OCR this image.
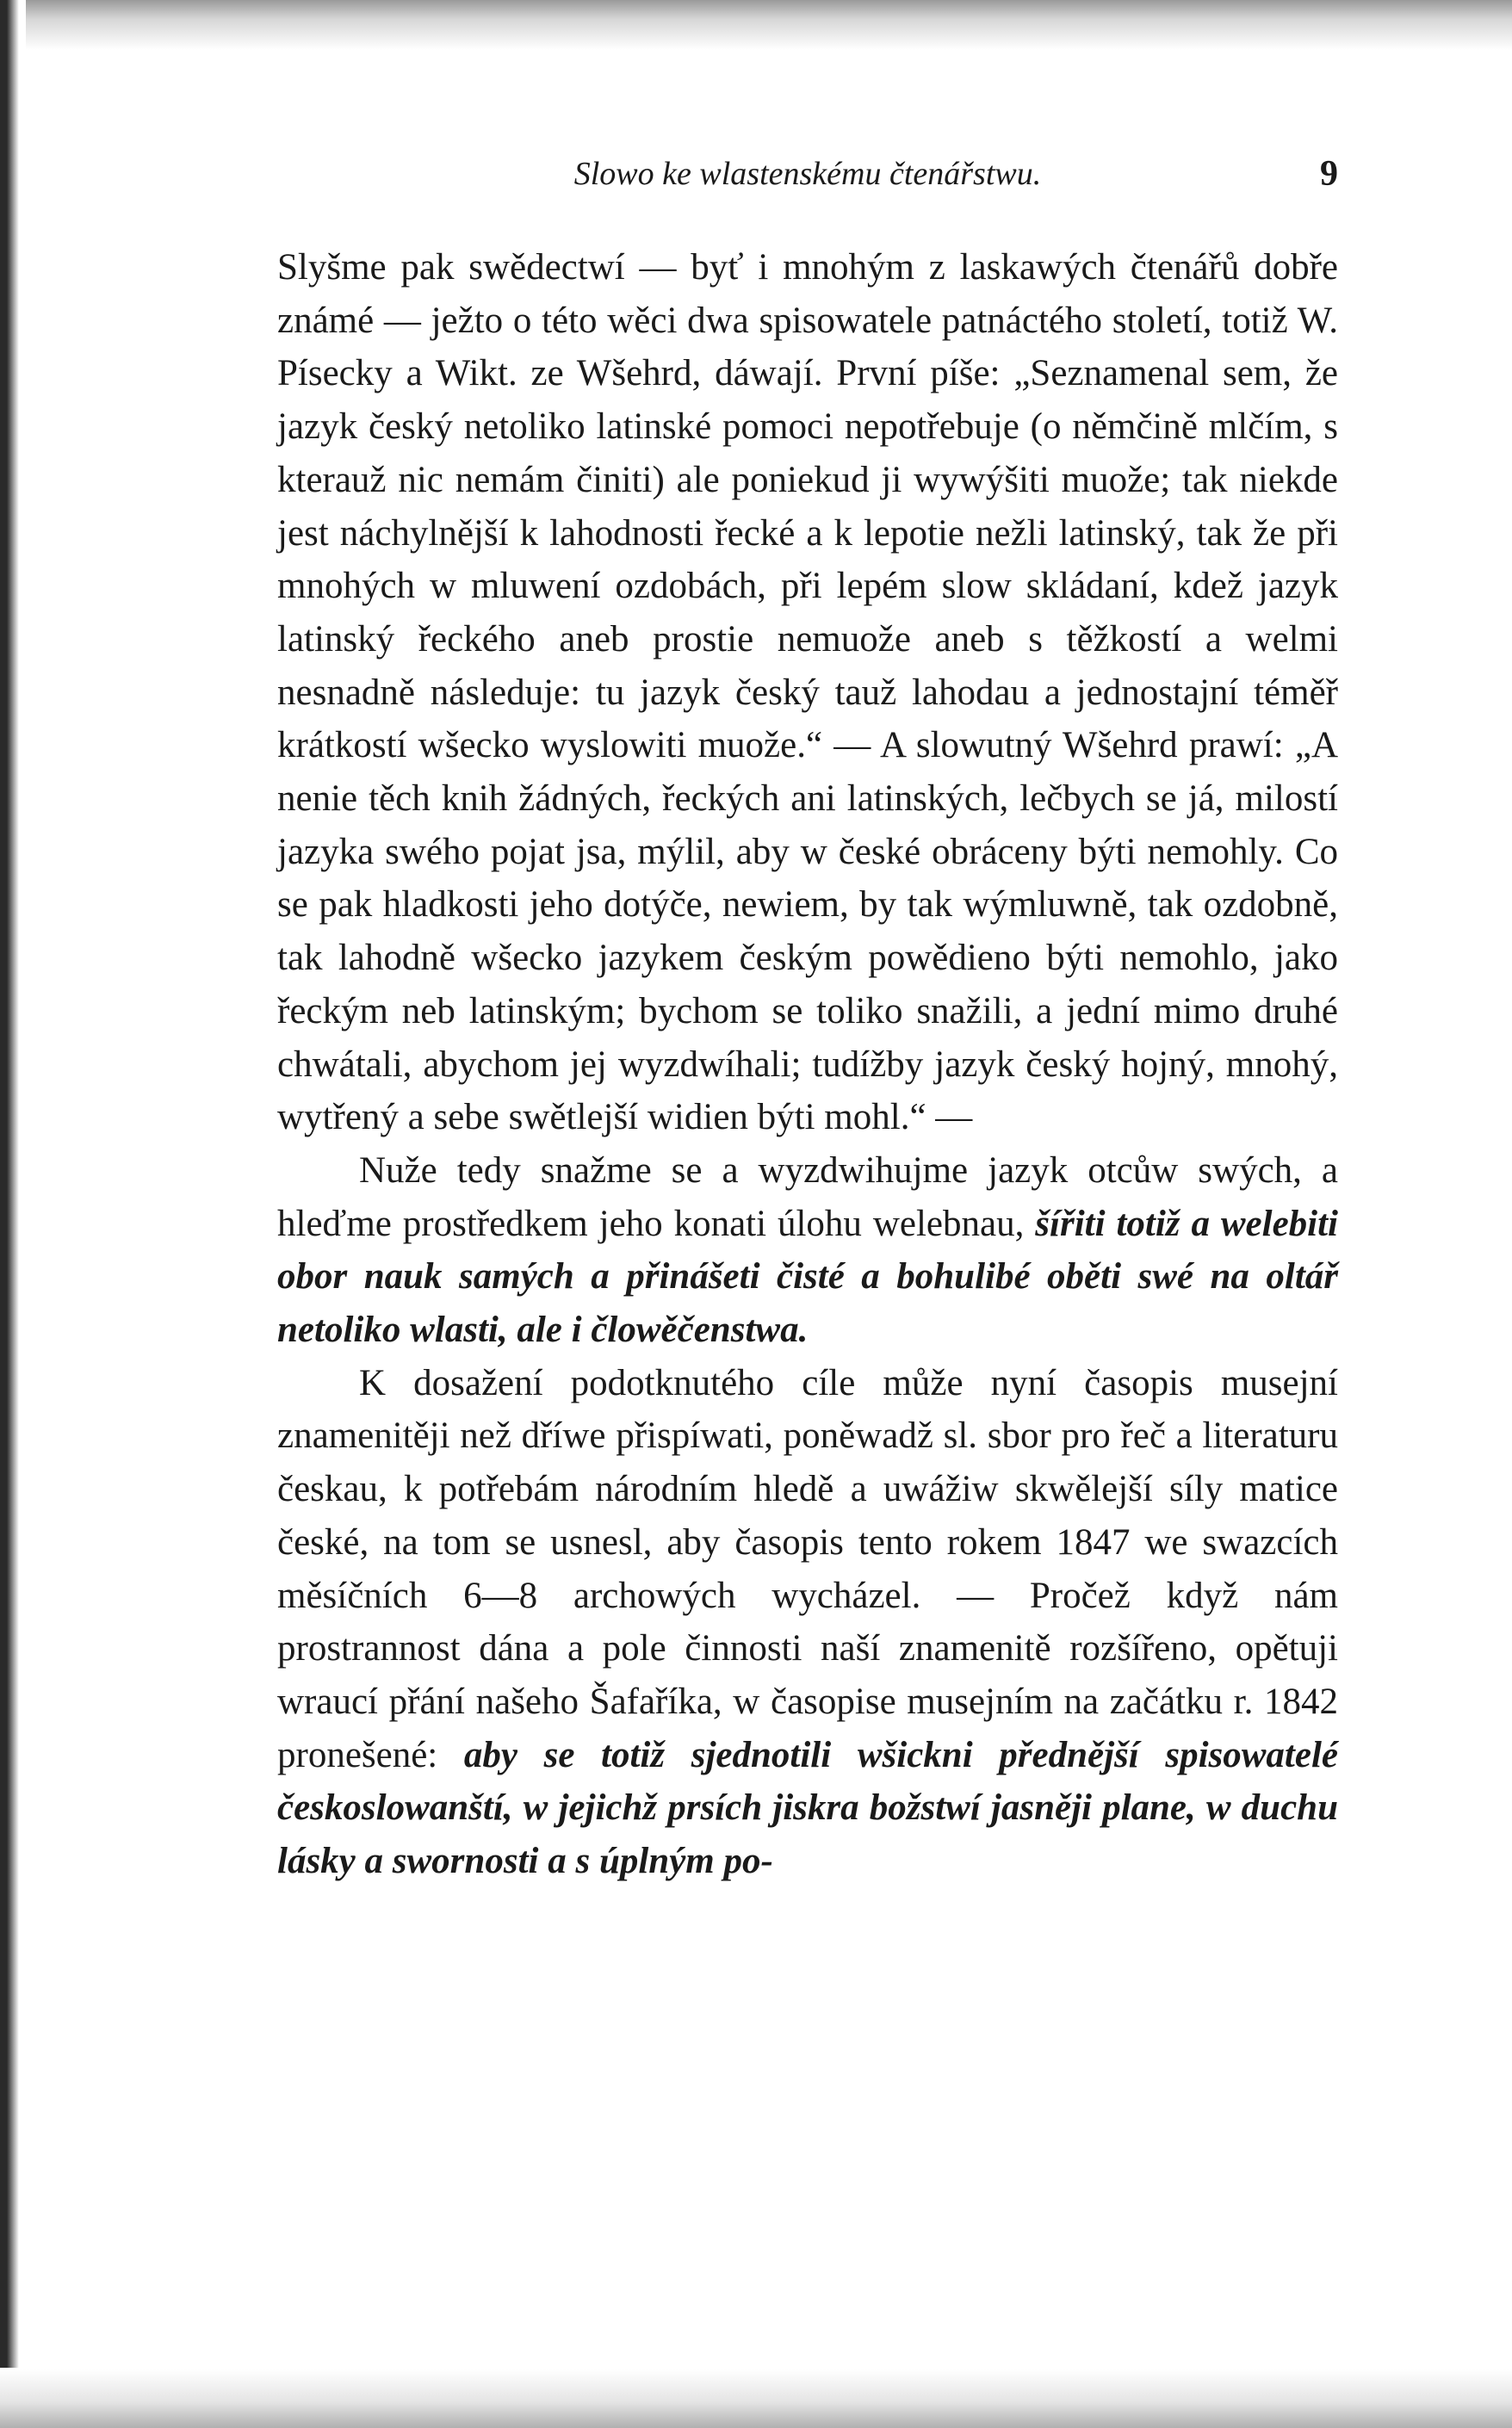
Slowo ke wlastenskému čtenářstwu.	9

Slyšme pak swědectwí — byť i mnohým z laskawých čtenářů dobře známé — ježto o této wěci dwa spisowatele patnáctého století, totiž W. Písecky a Wikt. ze Wšehrd, dáwají. První píše: „Seznamenal sem, že jazyk český netoliko latinské pomoci nepotřebuje (o němčině mlčím, s kterauž nic nemám činiti) ale poniekud ji wywýšiti muože; tak niekde jest náchylnější k lahodnosti řecké a k lepotie nežli latinský, tak že při mnohých w mluwení ozdobách, při lepém slow skládaní, kdež jazyk latinský řeckého aneb prostie nemuože aneb s těžkostí a welmi nesnadně následuje: tu jazyk český tauž lahodau a jednostajní téměř krátkostí wšecko wyslowiti muože.“ — A slowutný Wšehrd prawí: „A nenie těch knih žádných, řeckých ani latinských, lečbych se já, milostí jazyka swého pojat jsa, mýlil, aby w české obráceny býti nemohly. Co se pak hladkosti jeho dotýče, newiem, by tak wýmluwně, tak ozdobně, tak lahodně wšecko jazykem českým powědieno býti nemohlo, jako řeckým neb latinským; bychom se toliko snažili, a jední mimo druhé chwátali, abychom jej wyzdwíhali; tudížby jazyk český hojný, mnohý, wytřený a sebe swětlejší widien býti mohl.“ —

Nuže tedy snažme se a wyzdwihujme jazyk otcůw swých, a hleďme prostředkem jeho konati úlohu welebnau, šířiti totiž a welebiti obor nauk samých a přinášeti čisté a bohulibé oběti swé na oltář netoliko wlasti, ale i člowěčenstwa.

K dosažení podotknutého cíle může nyní časopis musejní znamenitěji než dříwe přispíwati, poněwadž sl. sbor pro řeč a literaturu českau, k potřebám národním hledě a uwážiw skwělejší síly matice české, na tom se usnesl, aby časopis tento rokem 1847 we swazcích měsíčních 6—8 archowých wycházel. — Pročež když nám prostrannost dána a pole činnosti naší znamenitě rozšířeno, opětuji wraucí přání našeho Šafaříka, w časopise musejním na začátku r. 1842 pronešené: aby se totiž sjednotili wšickni přednější spisowatelé českoslowanští, w jejichž prsích jiskra božstwí jasněji plane, w duchu lásky a swornosti a s úplným po-
